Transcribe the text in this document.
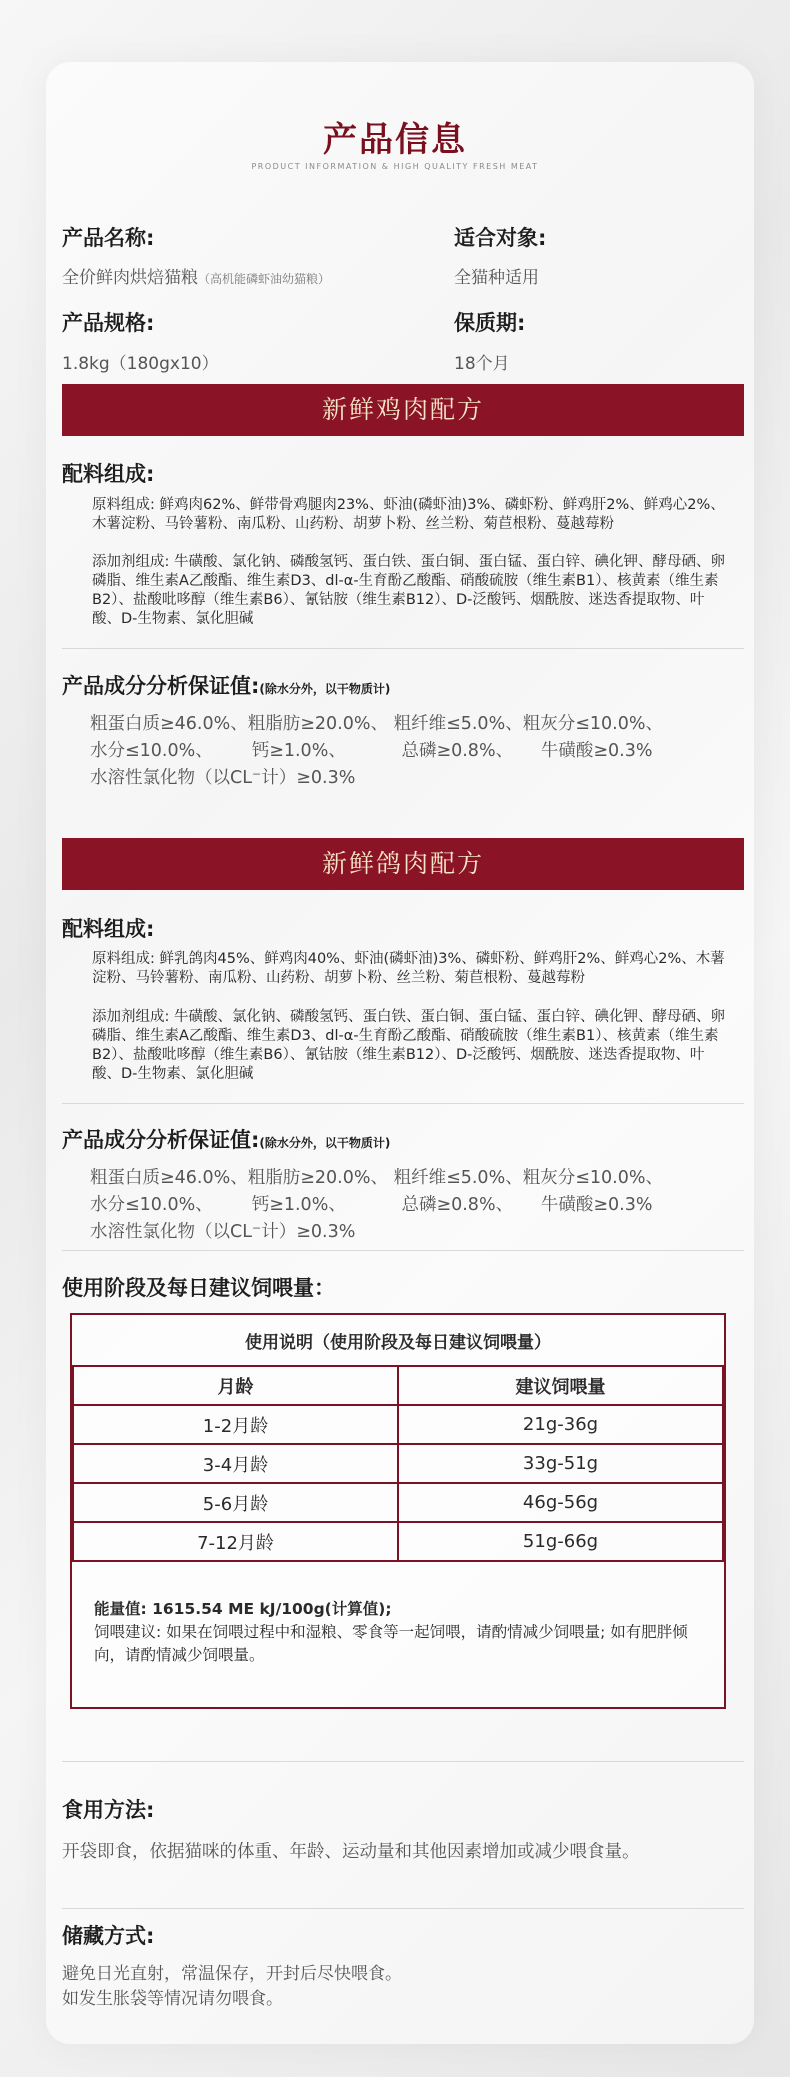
产品信息
PRODUCT INFORMATION & HIGH QUALITY FRESH MEAT
产品名称:
全价鲜肉烘焙猫粮（高机能磷虾油幼猫粮）
适合对象:
全猫种适用
产品规格:
1.8kg（180gx10）
保质期:
18个月
新鲜鸡肉配方
配料组成:
原料组成: 鲜鸡肉62%、鲜带骨鸡腿肉23%、虾油(磷虾油)3%、磷虾粉、鲜鸡肝2%、鲜鸡心2%、木薯淀粉、马铃薯粉、南瓜粉、山药粉、胡萝卜粉、丝兰粉、菊苣根粉、蔓越莓粉
添加剂组成: 牛磺酸、氯化钠、磷酸氢钙、蛋白铁、蛋白铜、蛋白锰、蛋白锌、碘化钾、酵母硒、卵磷脂、维生素A乙酸酯、维生素D3、dl-α-生育酚乙酸酯、硝酸硫胺（维生素B1）、核黄素（维生素B2）、盐酸吡哆醇（维生素B6）、氰钴胺（维生素B12）、D-泛酸钙、烟酰胺、迷迭香提取物、叶酸、D-生物素、氯化胆碱
产品成分分析保证值:(除水分外，以干物质计)
粗蛋白质≥46.0%、粗脂肪≥20.0%、 粗纤维≤5.0%、粗灰分≤10.0%、
水分≤10.0%、       钙≥1.0%、          总磷≥0.8%、     牛磺酸≥0.3%
水溶性氯化物（以CL⁻计）≥0.3%
新鲜鸽肉配方
配料组成:
原料组成: 鲜乳鸽肉45%、鲜鸡肉40%、虾油(磷虾油)3%、磷虾粉、鲜鸡肝2%、鲜鸡心2%、木薯淀粉、马铃薯粉、南瓜粉、山药粉、胡萝卜粉、丝兰粉、菊苣根粉、蔓越莓粉
添加剂组成: 牛磺酸、氯化钠、磷酸氢钙、蛋白铁、蛋白铜、蛋白锰、蛋白锌、碘化钾、酵母硒、卵磷脂、维生素A乙酸酯、维生素D3、dl-α-生育酚乙酸酯、硝酸硫胺（维生素B1）、核黄素（维生素B2）、盐酸吡哆醇（维生素B6）、氰钴胺（维生素B12）、D-泛酸钙、烟酰胺、迷迭香提取物、叶酸、D-生物素、氯化胆碱
产品成分分析保证值:(除水分外，以干物质计)
粗蛋白质≥46.0%、粗脂肪≥20.0%、 粗纤维≤5.0%、粗灰分≤10.0%、
水分≤10.0%、       钙≥1.0%、          总磷≥0.8%、     牛磺酸≥0.3%
水溶性氯化物（以CL⁻计）≥0.3%
使用阶段及每日建议饲喂量：
使用说明（使用阶段及每日建议饲喂量）	
月龄	建议饲喂量
1-2月龄	21g-36g
3-4月龄	33g-51g
5-6月龄	46g-56g
7-12月龄	51g-66g
能量值: 1615.54 ME kJ/100g(计算值);
饲喂建议: 如果在饲喂过程中和湿粮、零食等一起饲喂，请酌情减少饲喂量; 如有肥胖倾向，请酌情减少饲喂量。
食用方法:
开袋即食，依据猫咪的体重、年龄、运动量和其他因素增加或减少喂食量。
储藏方式:
避免日光直射，常温保存，开封后尽快喂食。
如发生胀袋等情况请勿喂食。
